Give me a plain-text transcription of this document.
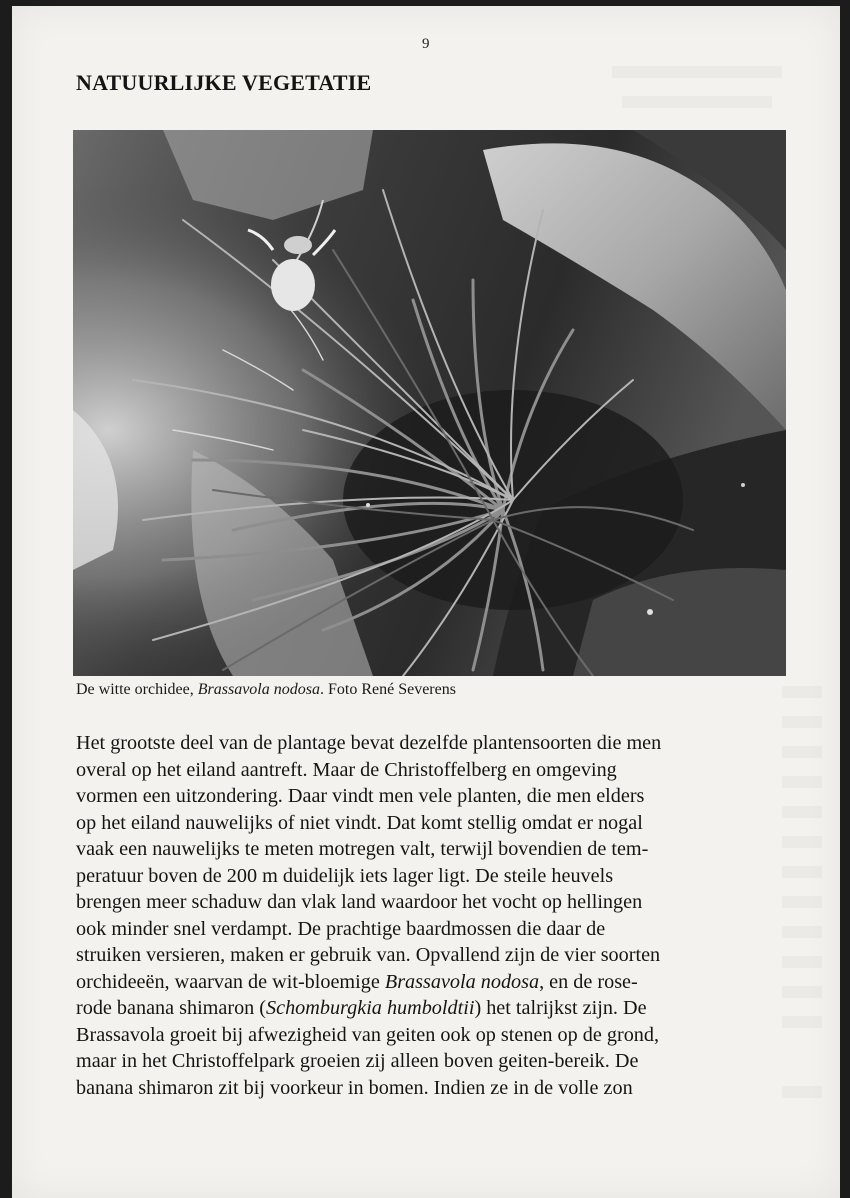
9
NATUURLIJKE VEGETATIE
De witte orchidee, Brassavola nodosa. Foto René Severens
Het grootste deel van de plantage bevat dezelfde plantensoorten die men
overal op het eiland aantreft. Maar de Christoffelberg en omgeving
vormen een uitzondering. Daar vindt men vele planten, die men elders
op het eiland nauwelijks of niet vindt. Dat komt stellig omdat er nogal
vaak een nauwelijks te meten motregen valt, terwijl bovendien de tem-
peratuur boven de 200 m duidelijk iets lager ligt. De steile heuvels
brengen meer schaduw dan vlak land waardoor het vocht op hellingen
ook minder snel verdampt. De prachtige baardmossen die daar de
struiken versieren, maken er gebruik van. Opvallend zijn de vier soorten
orchideeën, waarvan de wit-bloemige Brassavola nodosa, en de rose-
rode banana shimaron (Schomburgkia humboldtii) het talrijkst zijn. De
Brassavola groeit bij afwezigheid van geiten ook op stenen op de grond,
maar in het Christoffelpark groeien zij alleen boven geiten-bereik. De
banana shimaron zit bij voorkeur in bomen. Indien ze in de volle zon
